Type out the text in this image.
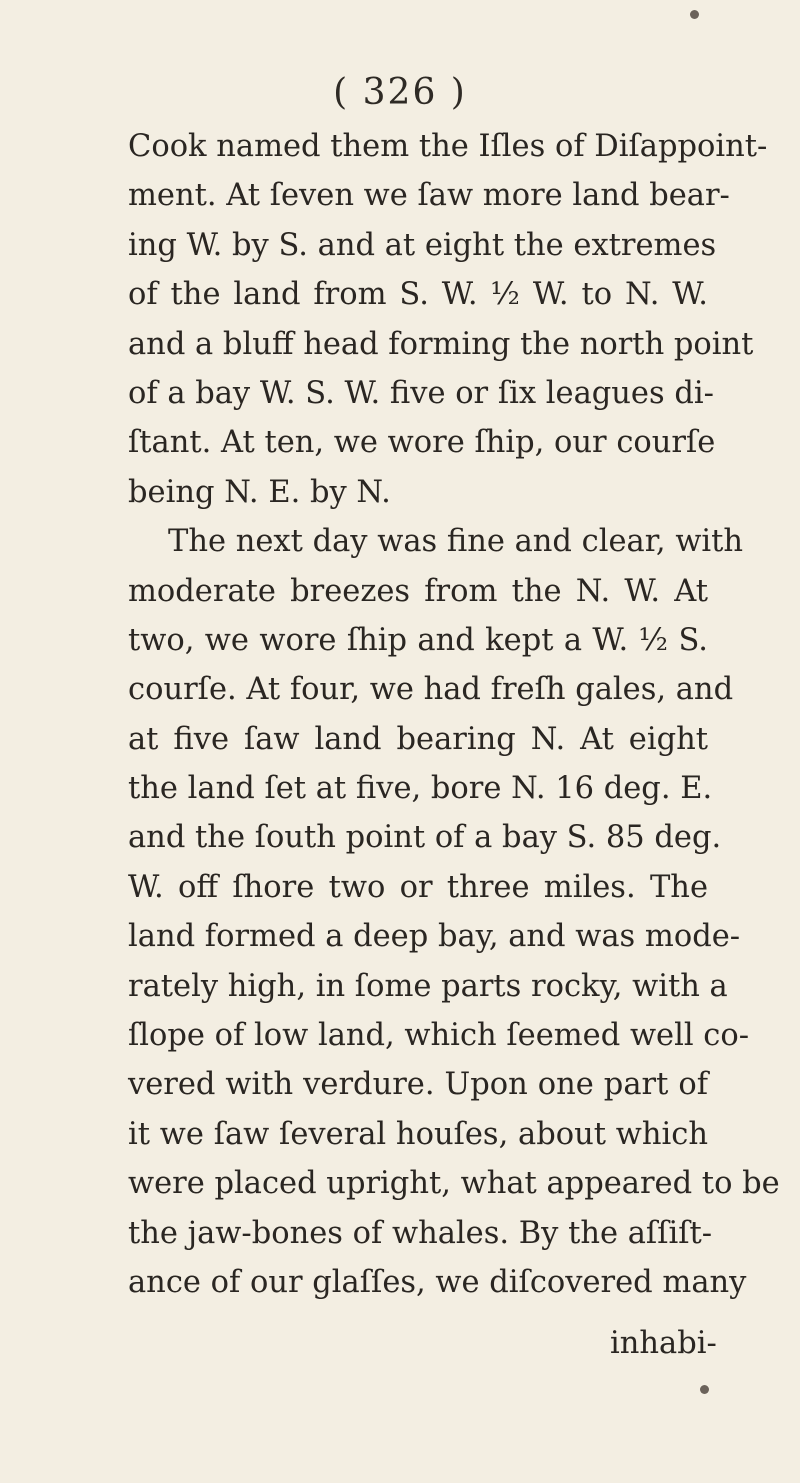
( 326 )
Cook named them the Iſles of Diſappoint-
ment. At ſeven we ſaw more land bear-
ing W. by S. and at eight the extremes
of the land from S. W. ½ W. to N. W.
and a bluff head forming the north point
of a bay W. S. W. five or ſix leagues di-
ſtant. At ten, we wore ſhip, our courſe
being N. E. by N.
The next day was fine and clear, with
moderate breezes from the N. W. At
two, we wore ſhip and kept a W. ½ S.
courſe. At four, we had freſh gales, and
at five ſaw land bearing N. At eight
the land ſet at five, bore N. 16 deg. E.
and the ſouth point of a bay S. 85 deg.
W. off ſhore two or three miles. The
land formed a deep bay, and was mode-
rately high, in ſome parts rocky, with a
ſlope of low land, which ſeemed well co-
vered with verdure. Upon one part of
it we ſaw ſeveral houſes, about which
were placed upright, what appeared to be
the jaw-bones of whales. By the aſſiſt-
ance of our glaſſes, we diſcovered many
inhabi-
